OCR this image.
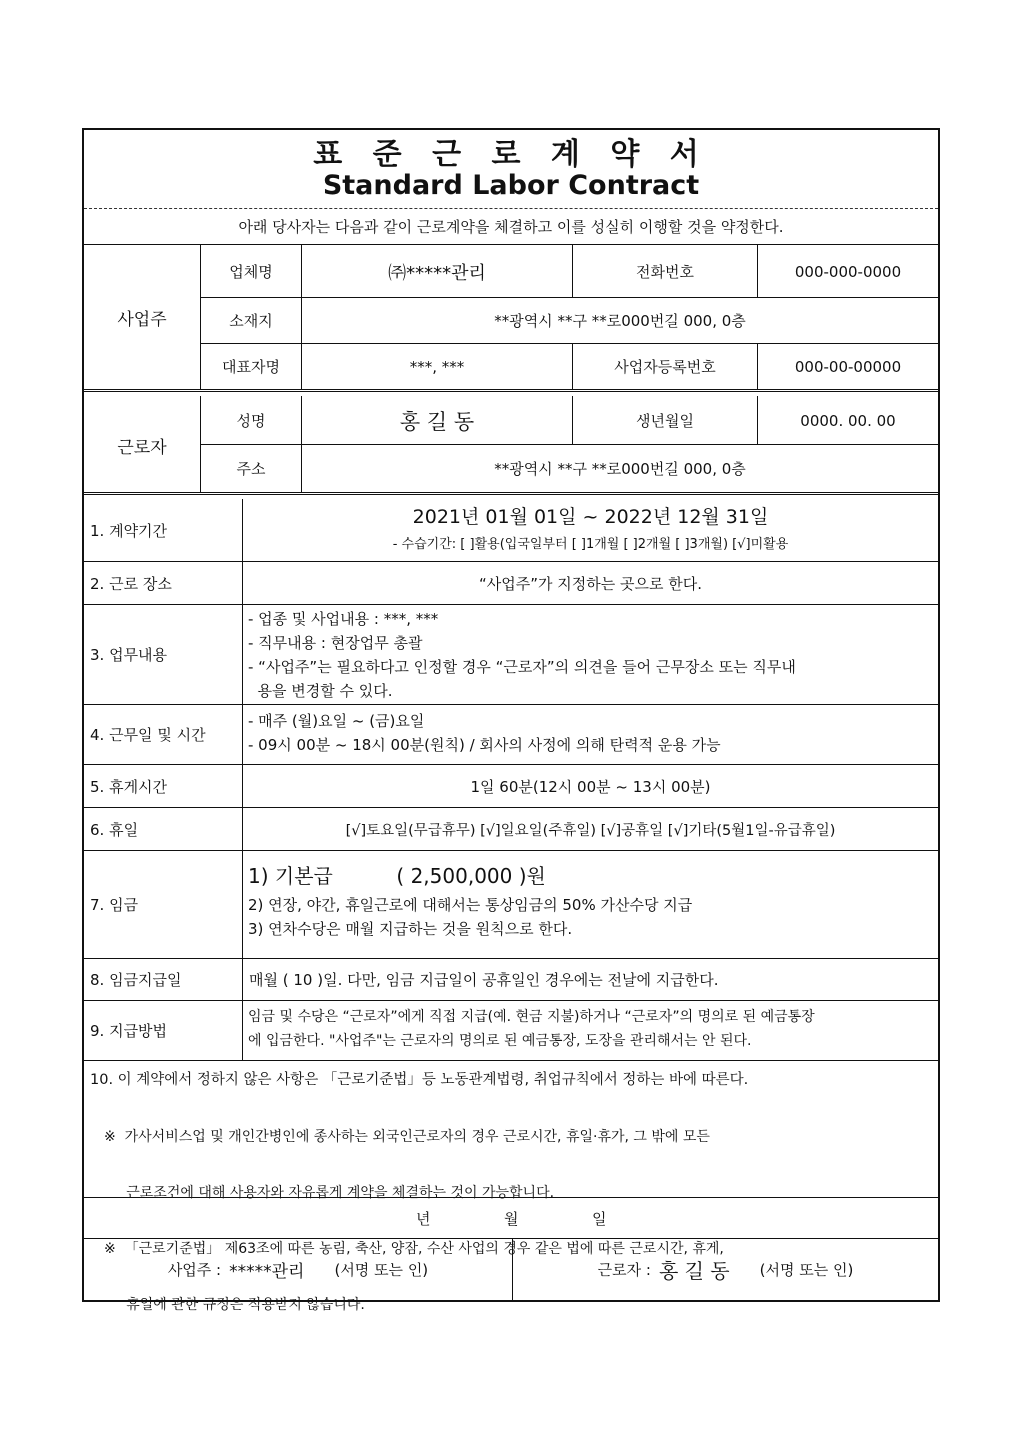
표 준 근 로 계 약 서
Standard Labor Contract
아래 당사자는 다음과 같이 근로계약을 체결하고 이를 성실히 이행할 것을 약정한다.
사업주
업체명	㈜*****관리	전화번호	000-000-0000
소재지	**광역시 **구 **로000번길 000, 0층
대표자명	***, ***	사업자등록번호	000-00-00000
근로자
성명	홍 길 동	생년월일	0000. 00. 00
주소	**광역시 **구 **로000번길 000, 0층
1. 계약기간
2021년 01월 01일 ~ 2022년 12월 31일
- 수습기간: [ ]활용(입국일부터 [ ]1개월 [ ]2개월 [ ]3개월) [√]미활용
2. 근로 장소	“사업주”가 지정하는 곳으로 한다.
3. 업무내용
- 업종 및 사업내용 : ***, ***
- 직무내용 : 현장업무 총괄
- “사업주”는 필요하다고 인정할 경우 “근로자”의 의견을 들어 근무장소 또는 직무내
용을 변경할 수 있다.
4. 근무일 및 시간
- 매주 (월)요일 ~ (금)요일
- 09시 00분 ~ 18시 00분(원칙) / 회사의 사정에 의해 탄력적 운용 가능
5. 휴게시간	1일 60분(12시 00분 ~ 13시 00분)
6. 휴일	[√]토요일(무급휴무) [√]일요일(주휴일) [√]공휴일 [√]기타(5월1일-유급휴일)
7. 임금
1) 기본급          ( 2,500,000 )원
2) 연장, 야간, 휴일근로에 대해서는 통상임금의 50% 가산수당 지급
3) 연차수당은 매월 지급하는 것을 원칙으로 한다.
8. 임금지급일	매월 ( 10 )일. 다만, 임금 지급일이 공휴일인 경우에는 전날에 지급한다.
9. 지급방법
임금 및 수당은 “근로자”에게 직접 지급(예. 현금 지불)하거나 “근로자”의 명의로 된 예금통장
에 입금한다. "사업주"는 근로자의 명의로 된 예금통장, 도장을 관리해서는 안 된다.
10. 이 계약에서 정하지 않은 사항은 「근로기준법」등 노동관계법령, 취업규칙에서 정하는 바에 따른다.

※  가사서비스업 및 개인간병인에 종사하는 외국인근로자의 경우 근로시간, 휴일·휴가, 그 밖에 모든

근로조건에 대해 사용자와 자유롭게 계약을 체결하는 것이 가능합니다.

※  「근로기준법」 제63조에 따른 농림, 축산, 양잠, 수산 사업의 경우 같은 법에 따른 근로시간, 휴게,

휴일에 관한 규정은 적용받지 않습니다.

년	월	일
사업주 : *****관리 (서명 또는 인)	근로자 : 홍 길 동 (서명 또는 인)
